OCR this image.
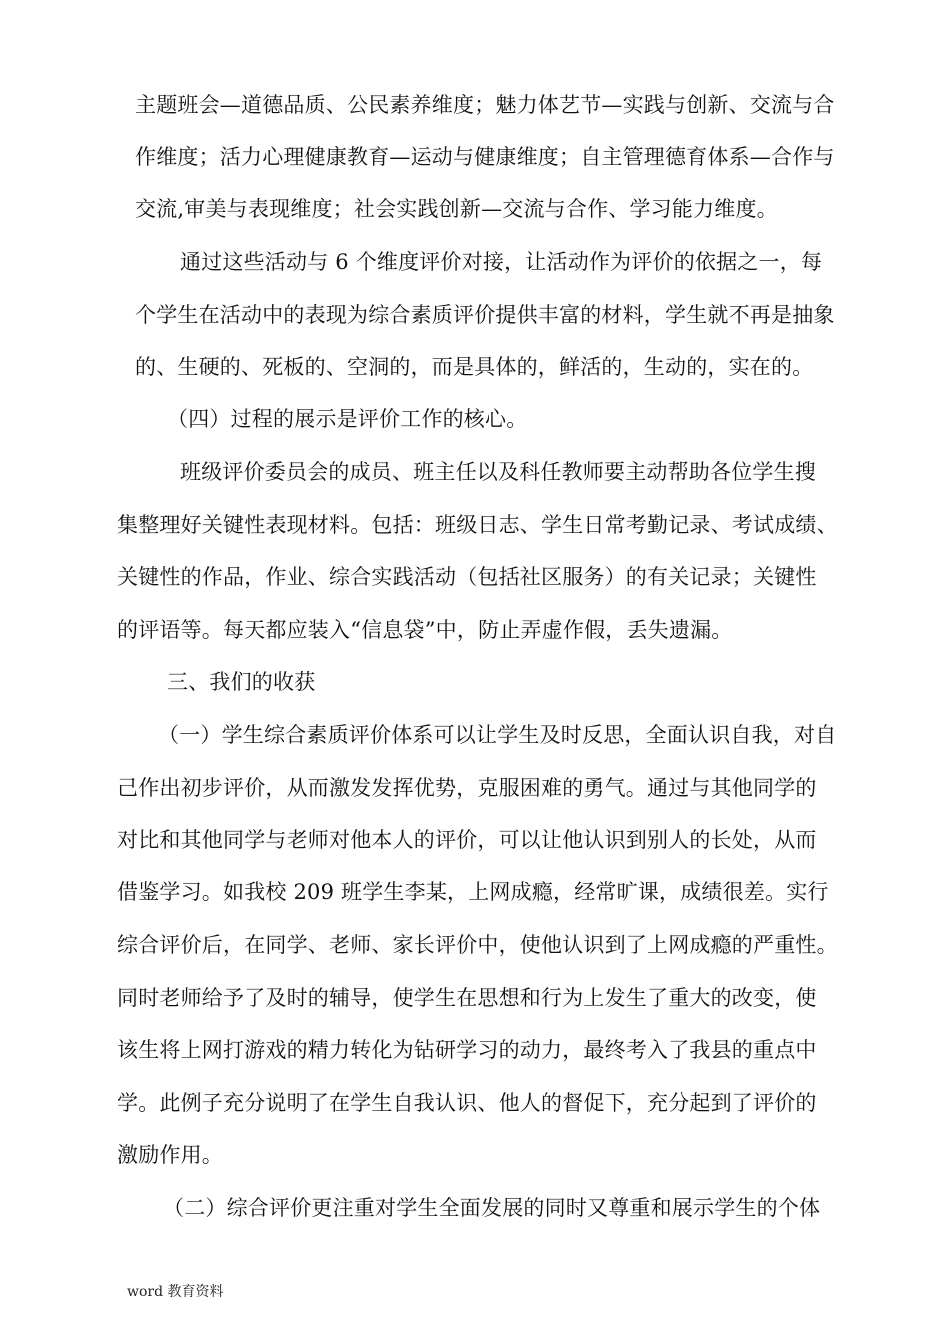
主题班会—道德品质、公民素养维度；魅力体艺节—实践与创新、交流与合
作维度；活力心理健康教育—运动与健康维度；自主管理德育体系—合作与
交流,审美与表现维度；社会实践创新—交流与合作、学习能力维度。
通过这些活动与 6 个维度评价对接，让活动作为评价的依据之一，每
个学生在活动中的表现为综合素质评价提供丰富的材料，学生就不再是抽象
的、生硬的、死板的、空洞的，而是具体的，鲜活的，生动的，实在的。
（四）过程的展示是评价工作的核心。
班级评价委员会的成员、班主任以及科任教师要主动帮助各位学生搜
集整理好关键性表现材料。包括：班级日志、学生日常考勤记录、考试成绩、
关键性的作品，作业、综合实践活动（包括社区服务）的有关记录；关键性
的评语等。每天都应装入“信息袋”中，防止弄虚作假，丢失遗漏。
三、我们的收获
（一）学生综合素质评价体系可以让学生及时反思，全面认识自我，对自
己作出初步评价，从而激发发挥优势，克服困难的勇气。通过与其他同学的
对比和其他同学与老师对他本人的评价，可以让他认识到别人的长处，从而
借鉴学习。如我校 209 班学生李某，上网成瘾，经常旷课，成绩很差。实行
综合评价后，在同学、老师、家长评价中，使他认识到了上网成瘾的严重性。
同时老师给予了及时的辅导，使学生在思想和行为上发生了重大的改变，使
该生将上网打游戏的精力转化为钻研学习的动力，最终考入了我县的重点中
学。此例子充分说明了在学生自我认识、他人的督促下，充分起到了评价的
激励作用。
（二）综合评价更注重对学生全面发展的同时又尊重和展示学生的个体
word 教育资料
